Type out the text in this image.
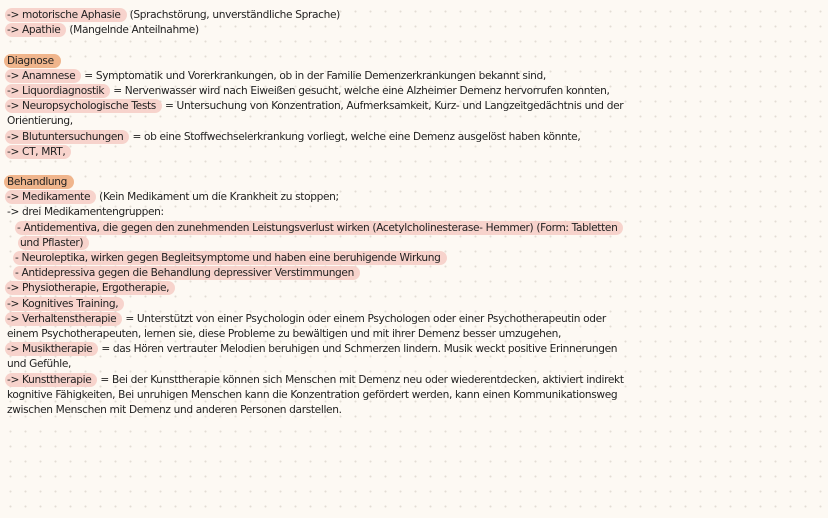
-> motorische Aphasie (Sprachstörung, unverständliche Sprache)
-> Apathie (Mangelnde Anteilnahme)
Diagnose
-> Anamnese = Symptomatik und Vorerkrankungen, ob in der Familie Demenzerkrankungen bekannt sind,
-> Liquordiagnostik = Nervenwasser wird nach Eiweißen gesucht, welche eine Alzheimer Demenz hervorrufen konnten,
-> Neuropsychologische Tests = Untersuchung von Konzentration, Aufmerksamkeit, Kurz- und Langzeitgedächtnis und der
Orientierung,
-> Blutuntersuchungen = ob eine Stoffwechselerkrankung vorliegt, welche eine Demenz ausgelöst haben könnte,
-> CT, MRT,
Behandlung
-> Medikamente (Kein Medikament um die Krankheit zu stoppen;
-> drei Medikamentengruppen:
- Antidementiva, die gegen den zunehmenden Leistungsverlust wirken (Acetylcholinesterase- Hemmer) (Form: Tabletten
und Pflaster)
- Neuroleptika, wirken gegen Begleitsymptome und haben eine beruhigende Wirkung
- Antidepressiva gegen die Behandlung depressiver Verstimmungen
-> Physiotherapie, Ergotherapie,
-> Kognitives Training,
-> Verhaltenstherapie = Unterstützt von einer Psychologin oder einem Psychologen oder einer Psychotherapeutin oder
einem Psychotherapeuten, lernen sie, diese Probleme zu bewältigen und mit ihrer Demenz besser umzugehen,
-> Musiktherapie = das Hören vertrauter Melodien beruhigen und Schmerzen lindern. Musik weckt positive Erinnerungen
und Gefühle,
-> Kunsttherapie = Bei der Kunsttherapie können sich Menschen mit Demenz neu oder wiederentdecken, aktiviert indirekt
kognitive Fähigkeiten, Bei unruhigen Menschen kann die Konzentration gefördert werden, kann einen Kommunikationsweg
zwischen Menschen mit Demenz und anderen Personen darstellen.
